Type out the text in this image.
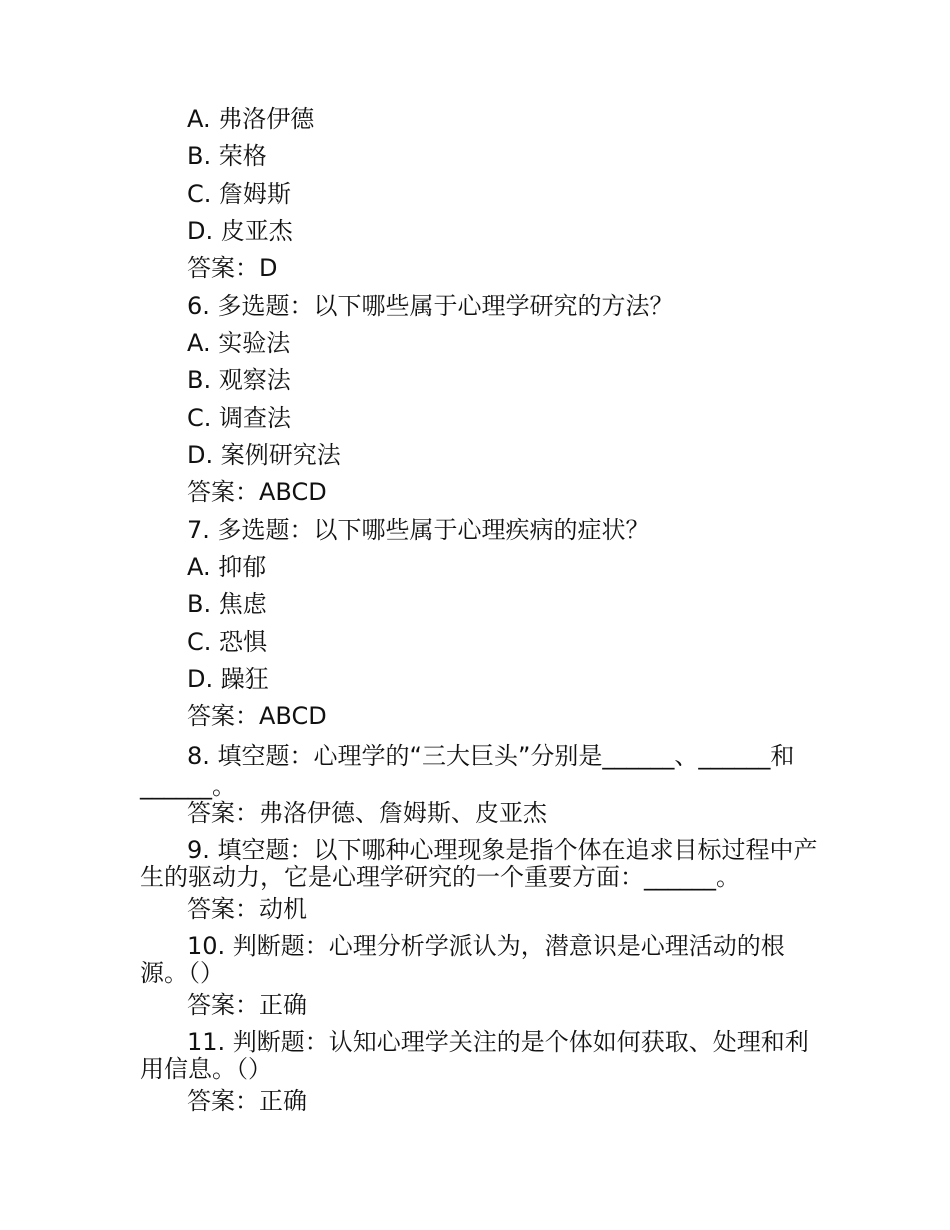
A. 弗洛伊德
B. 荣格
C. 詹姆斯
D. 皮亚杰
答案：D
6. 多选题：以下哪些属于心理学研究的方法？
A. 实验法
B. 观察法
C. 调查法
D. 案例研究法
答案：ABCD
7. 多选题：以下哪些属于心理疾病的症状？
A. 抑郁
B. 焦虑
C. 恐惧
D. 躁狂
答案：ABCD
8. 填空题：心理学的“三大巨头”分别是______、______和______。
答案：弗洛伊德、詹姆斯、皮亚杰
9. 填空题：以下哪种心理现象是指个体在追求目标过程中产生的驱动力，它是心理学研究的一个重要方面：______。
答案：动机
10. 判断题：心理分析学派认为，潜意识是心理活动的根源。（）
答案：正确
11. 判断题：认知心理学关注的是个体如何获取、处理和利用信息。（）
答案：正确
